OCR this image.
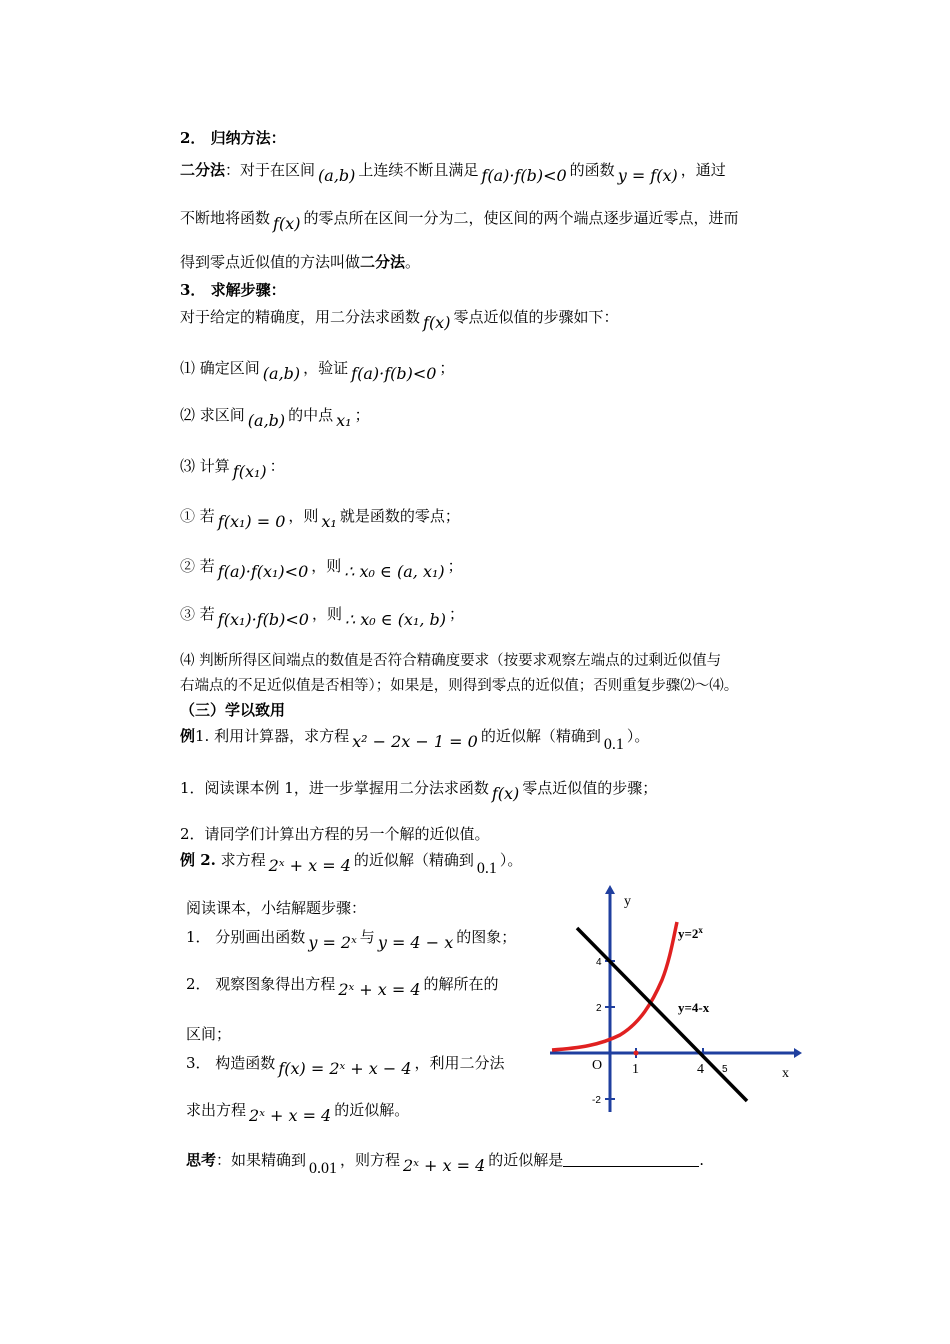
2． 归纳方法：
二分法：对于在区间 (a,b) 上连续不断且满足 f(a)·f(b)<0 的函数 y = f(x) ，通过
不断地将函数 f(x) 的零点所在区间一分为二，使区间的两个端点逐步逼近零点，进而
得到零点近似值的方法叫做二分法。
3． 求解步骤：
对于给定的精确度，用二分法求函数 f(x) 零点近似值的步骤如下：
⑴ 确定区间 (a,b) ，验证 f(a)·f(b)<0 ；
⑵ 求区间 (a,b) 的中点 x₁ ；
⑶ 计算 f(x₁) ：
① 若 f(x₁) = 0 ，则 x₁ 就是函数的零点；
② 若 f(a)·f(x₁)<0 ，则 ∴ x₀ ∈ (a, x₁) ；
③ 若 f(x₁)·f(b)<0 ，则 ∴ x₀ ∈ (x₁, b) ；
⑷ 判断所得区间端点的数值是否符合精确度要求（按要求观察左端点的过剩近似值与
右端点的不足近似值是否相等）；如果是，则得到零点的近似值；否则重复步骤⑵～⑷。
（三）学以致用
例1. 利用计算器，求方程 x² − 2x − 1 = 0 的近似解（精确到 0.1 ）。
1．阅读课本例 1，进一步掌握用二分法求函数 f(x) 零点近似值的步骤；
2．请同学们计算出方程的另一个解的近似值。
例 2. 求方程 2ˣ + x = 4 的近似解（精确到 0.1 ）。
阅读课本，小结解题步骤：
1． 分别画出函数 y = 2ˣ 与 y = 4 − x 的图象；
2． 观察图象得出方程 2ˣ + x = 4 的解所在的
区间；
3． 构造函数 f(x) = 2ˣ + x − 4 ，利用二分法
求出方程 2ˣ + x = 4 的近似解。
思考：如果精确到 0.01 ，则方程 2ˣ + x = 4 的近似解是	.
y
x
O 1	4 5
4
2
-2
$y=2^x$
y=4-x
